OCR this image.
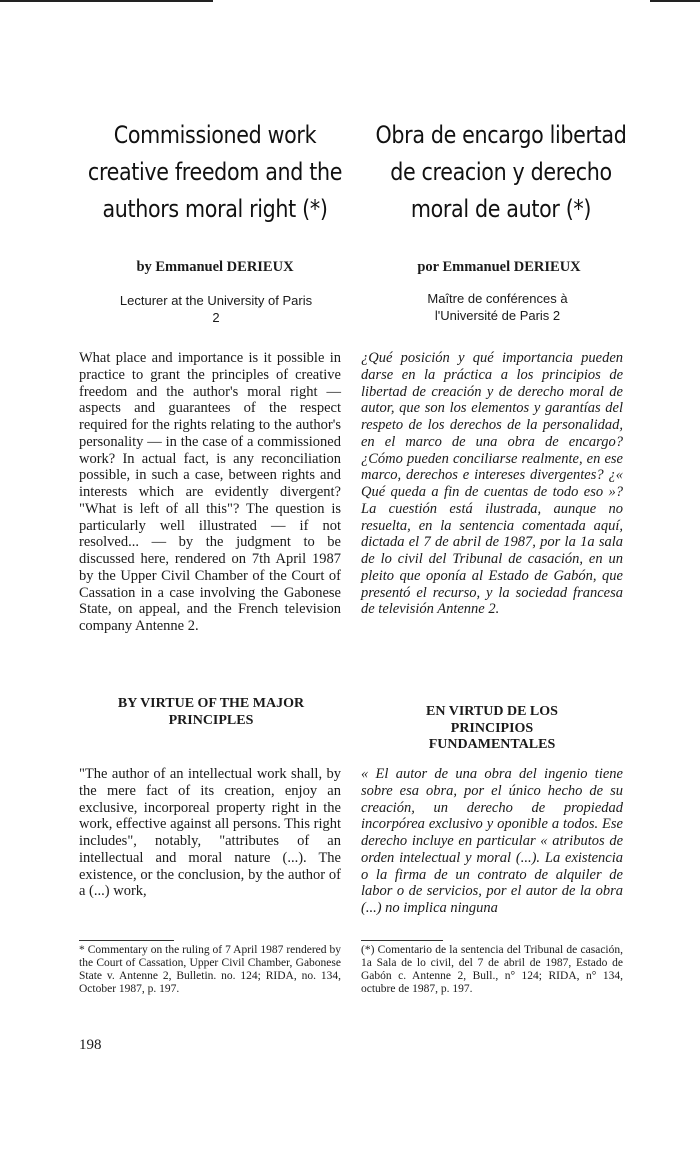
Commissioned work creative freedom and the authors moral right (*)
by Emmanuel DERIEUX
Lecturer at the University of Paris 2

What place and importance is it possible in practice to grant the principles of creative freedom and the author's moral right — aspects and guarantees of the respect required for the rights relating to the author's personality — in the case of a commissioned work? In actual fact, is any reconciliation possible, in such a case, between rights and interests which are evidently divergent? "What is left of all this"? The question is particularly well illustrated — if not resolved... — by the judgment to be discussed here, rendered on 7th April 1987 by the Upper Civil Chamber of the Court of Cassation in a case involving the Gabonese State, on appeal, and the French television company Antenne 2.

BY VIRTUE OF THE MAJOR PRINCIPLES

"The author of an intellectual work shall, by the mere fact of its creation, enjoy an exclusive, incorporeal property right in the work, effective against all persons. This right includes", notably, "attributes of an intellectual and moral nature (...). The existence, or the conclusion, by the author of a (...) work,

* Commentary on the ruling of 7 April 1987 rendered by the Court of Cassation, Upper Civil Chamber, Gabonese State v. Antenne 2, Bulletin. no. 124; RIDA, no. 134, October 1987, p. 197.

Obra de encargo libertad de creacion y derecho moral de autor (*)
por Emmanuel DERIEUX
Maître de conférences à l'Université de Paris 2

¿Qué posición y qué importancia pueden darse en la práctica a los principios de libertad de creación y de derecho moral de autor, que son los elementos y garantías del respeto de los derechos de la personalidad, en el marco de una obra de encargo? ¿Cómo pueden conciliarse realmente, en ese marco, derechos e intereses divergentes? ¿« Qué queda a fin de cuentas de todo eso »? La cuestión está ilustrada, aunque no resuelta, en la sentencia comentada aquí, dictada el 7 de abril de 1987, por la 1a sala de lo civil del Tribunal de casación, en un pleito que oponía al Estado de Gabón, que presentó el recurso, y la sociedad francesa de televisión Antenne 2.

EN VIRTUD DE LOS PRINCIPIOS FUNDAMENTALES

« El autor de una obra del ingenio tiene sobre esa obra, por el único hecho de su creación, un derecho de propiedad incorpórea exclusivo y oponible a todos. Ese derecho incluye en particular « atributos de orden intelectual y moral (...). La existencia o la firma de un contrato de alquiler de labor o de servicios, por el autor de la obra (...) no implica ninguna

(*) Comentario de la sentencia del Tribunal de casación, 1a Sala de lo civil, del 7 de abril de 1987, Estado de Gabón c. Antenne 2, Bull., n° 124; RIDA, n° 134, octubre de 1987, p. 197.

198
